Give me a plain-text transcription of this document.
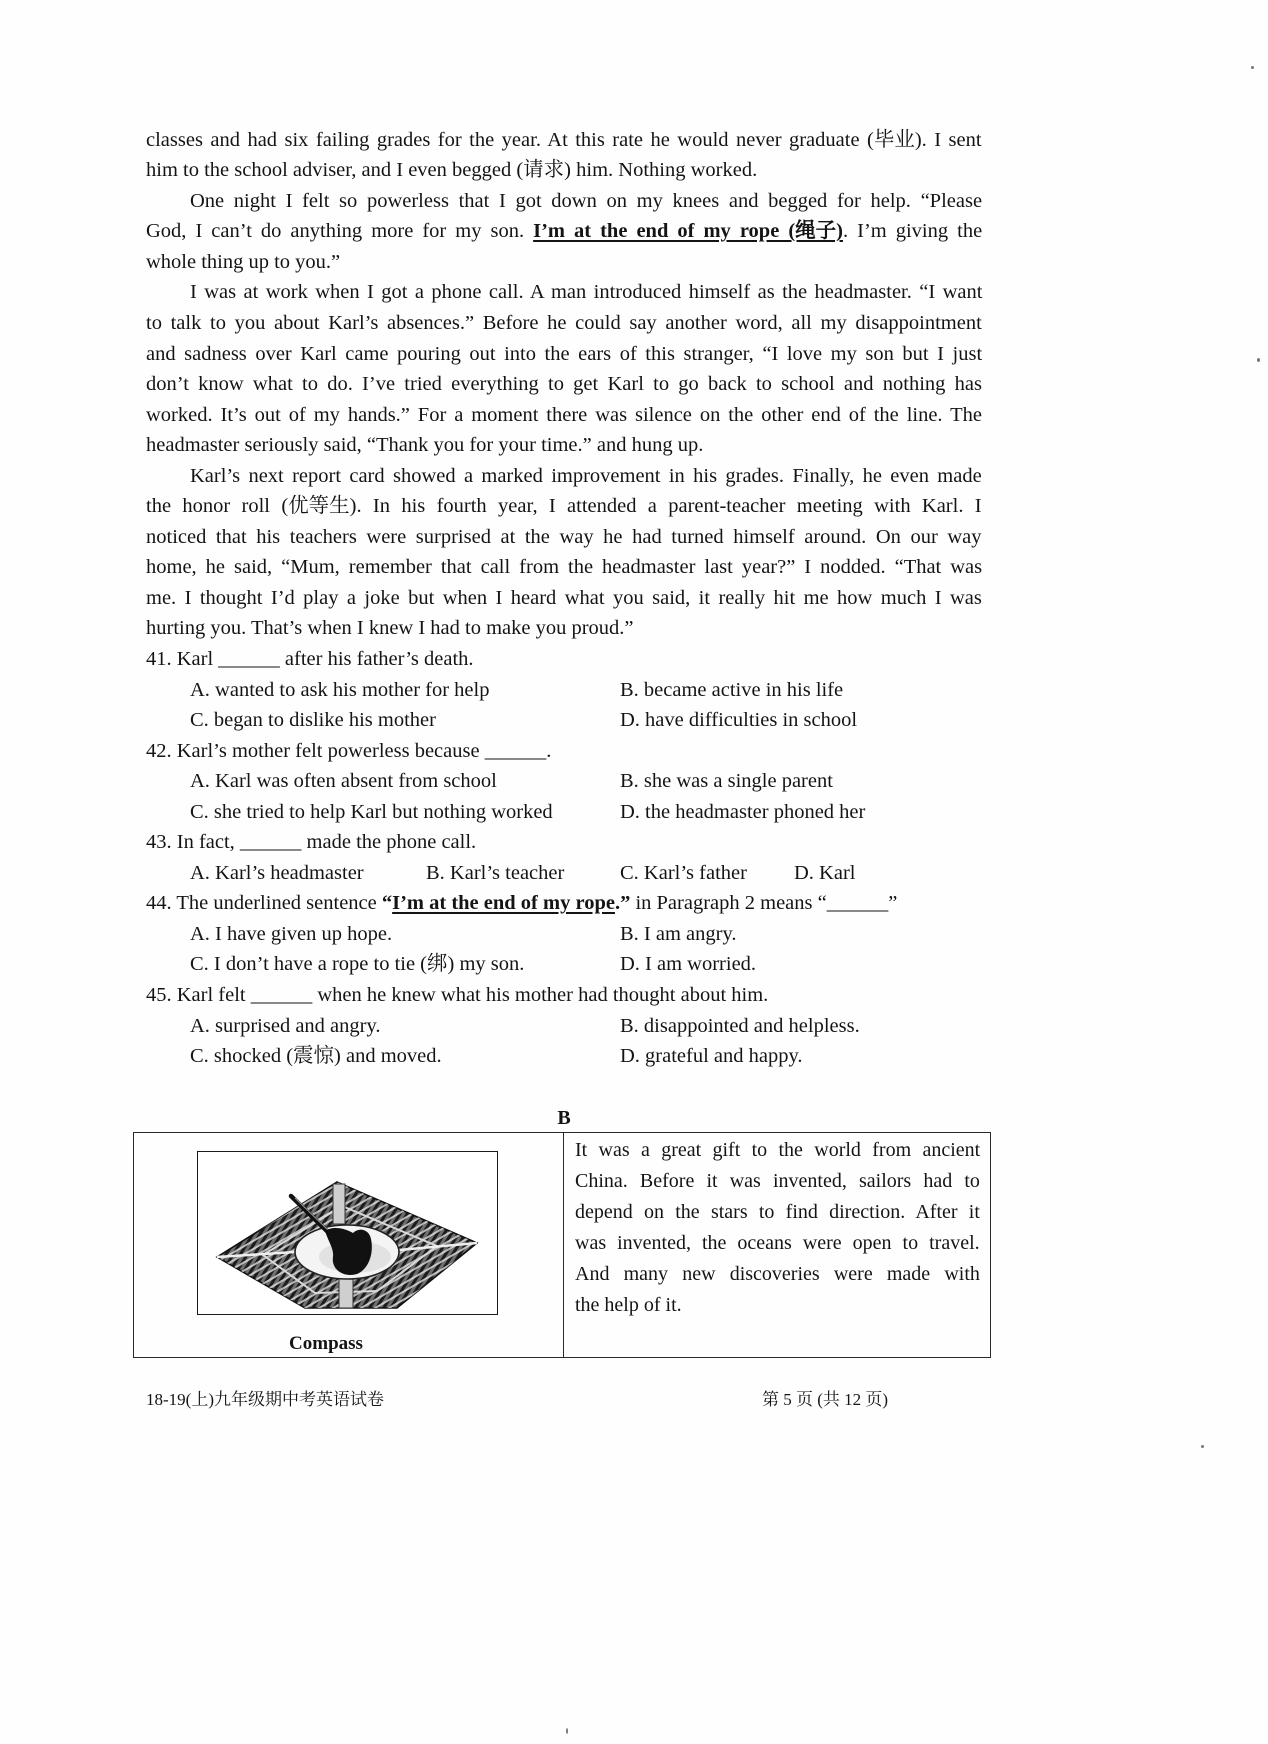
classes and had six failing grades for the year. At this rate he would never graduate (毕业). I sent
him to the school adviser, and I even begged (请求) him. Nothing worked.
One night I felt so powerless that I got down on my knees and begged for help. “Please
God, I can’t do anything more for my son. I’m at the end of my rope (绳子). I’m giving the
whole thing up to you.”
I was at work when I got a phone call. A man introduced himself as the headmaster. “I want
to talk to you about Karl’s absences.” Before he could say another word, all my disappointment
and sadness over Karl came pouring out into the ears of this stranger, “I love my son but I just
don’t know what to do. I’ve tried everything to get Karl to go back to school and nothing has
worked. It’s out of my hands.” For a moment there was silence on the other end of the line. The
headmaster seriously said, “Thank you for your time.” and hung up.
Karl’s next report card showed a marked improvement in his grades. Finally, he even made
the honor roll (优等生). In his fourth year, I attended a parent-teacher meeting with Karl. I
noticed that his teachers were surprised at the way he had turned himself around. On our way
home, he said, “Mum, remember that call from the headmaster last year?” I nodded. “That was
me. I thought I’d play a joke but when I heard what you said, it really hit me how much I was
hurting you. That’s when I knew I had to make you proud.”
41. Karl ______ after his father’s death.
A. wanted to ask his mother for help	B. became active in his life
C. began to dislike his mother	D. have difficulties in school
42. Karl’s mother felt powerless because ______.
A. Karl was often absent from school	B. she was a single parent
C. she tried to help Karl but nothing worked	D. the headmaster phoned her
43. In fact, ______ made the phone call.
A. Karl’s headmaster	B. Karl’s teacher	C. Karl’s father D. Karl
44. The underlined sentence “I’m at the end of my rope.” in Paragraph 2 means “______”
A. I have given up hope.	B. I am angry.
C. I don’t have a rope to tie (绑) my son.	D. I am worried.
45. Karl felt ______ when he knew what his mother had thought about him.
A. surprised and angry.	B. disappointed and helpless.
C. shocked (震惊) and moved.	D. grateful and happy.
B
Compass
It was a great gift to the world from ancient
China. Before it was invented, sailors had to
depend on the stars to find direction. After it
was invented, the oceans were open to travel.
And many new discoveries were made with
the help of it.
18-19(上)九年级期中考英语试卷	第 5 页 (共 12 页)
